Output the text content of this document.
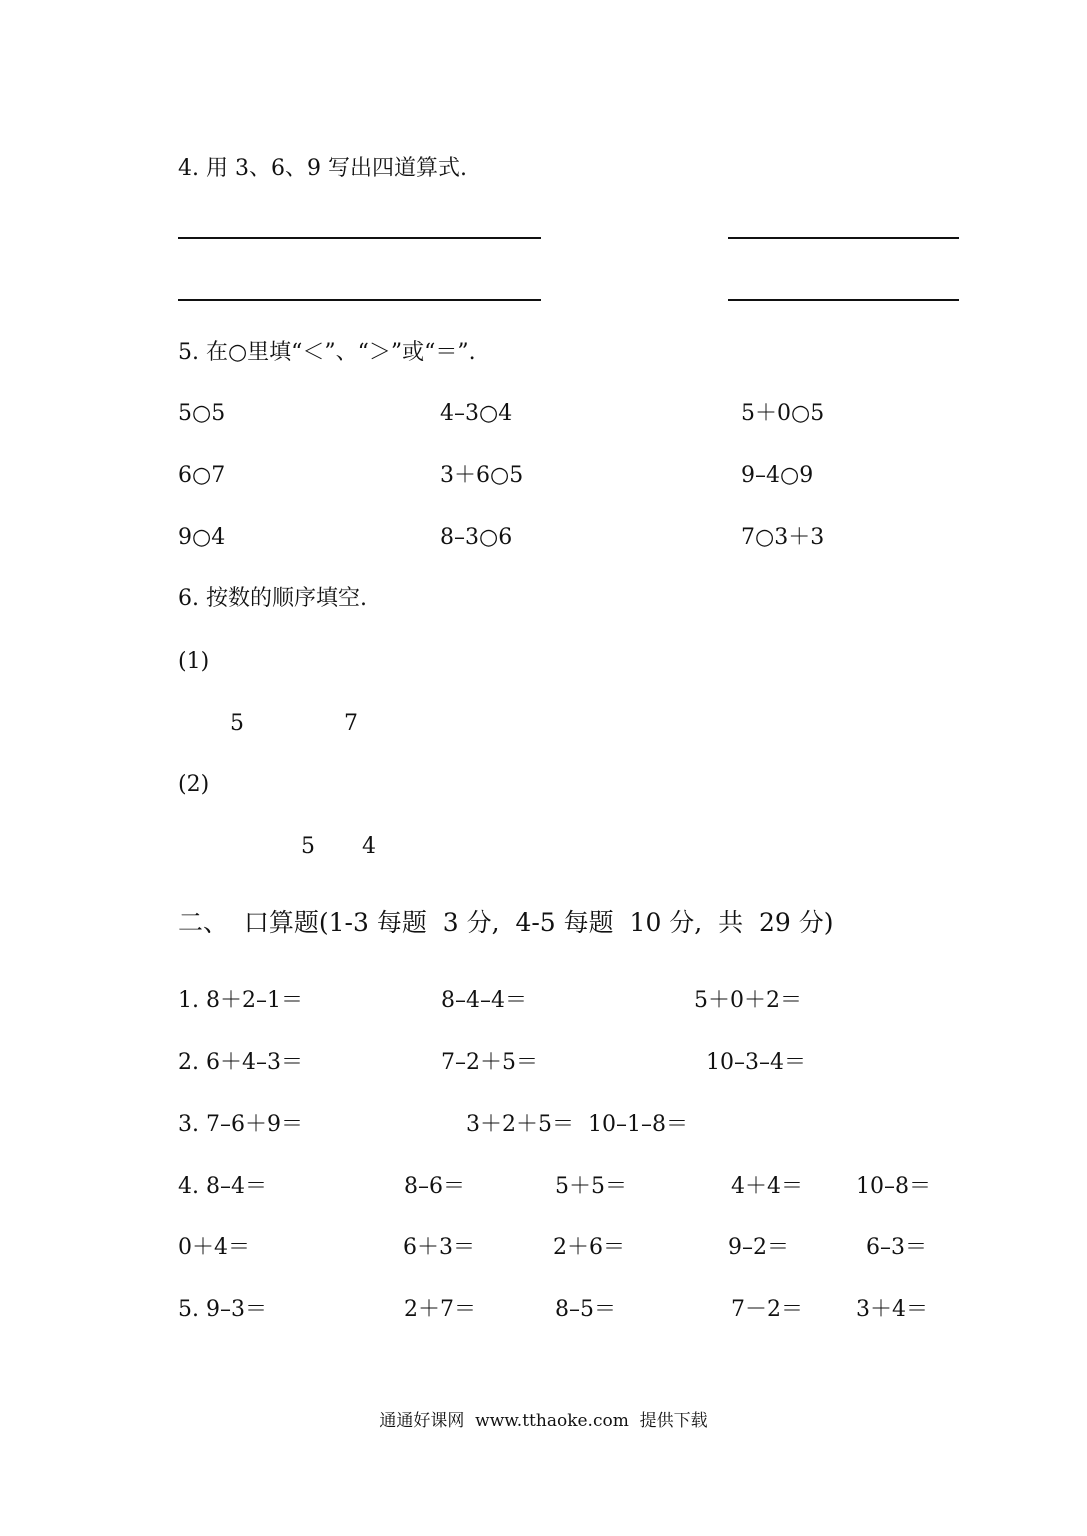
4. 用 3、6、9 写出四道算式.
5. 在○里填“＜”、“＞”或“＝”.
5○5	4–3○4	5＋0○5
6○7	3＋6○5	9–4○9
9○4	8–3○6	7○3＋3
6. 按数的顺序填空.
(1)
5	7
(2)
5 4
二、  口算题(1-3 每题  3 分,  4-5 每题  10 分,  共  29 分)
1. 8＋2–1＝	8–4–4＝	5＋0＋2＝
2. 6＋4–3＝	7–2＋5＝	10–3–4＝
3. 7–6＋9＝	3＋2＋5＝  10–1–8＝
4. 8–4＝	8–6＝	5＋5＝	4＋4＝ 10–8＝
0＋4＝	6＋3＝	2＋6＝	9–2＝	6–3＝
5. 9–3＝	2＋7＝	8–5＝	7－2＝ 3＋4＝
通通好课网  www.tthaoke.com  提供下载
